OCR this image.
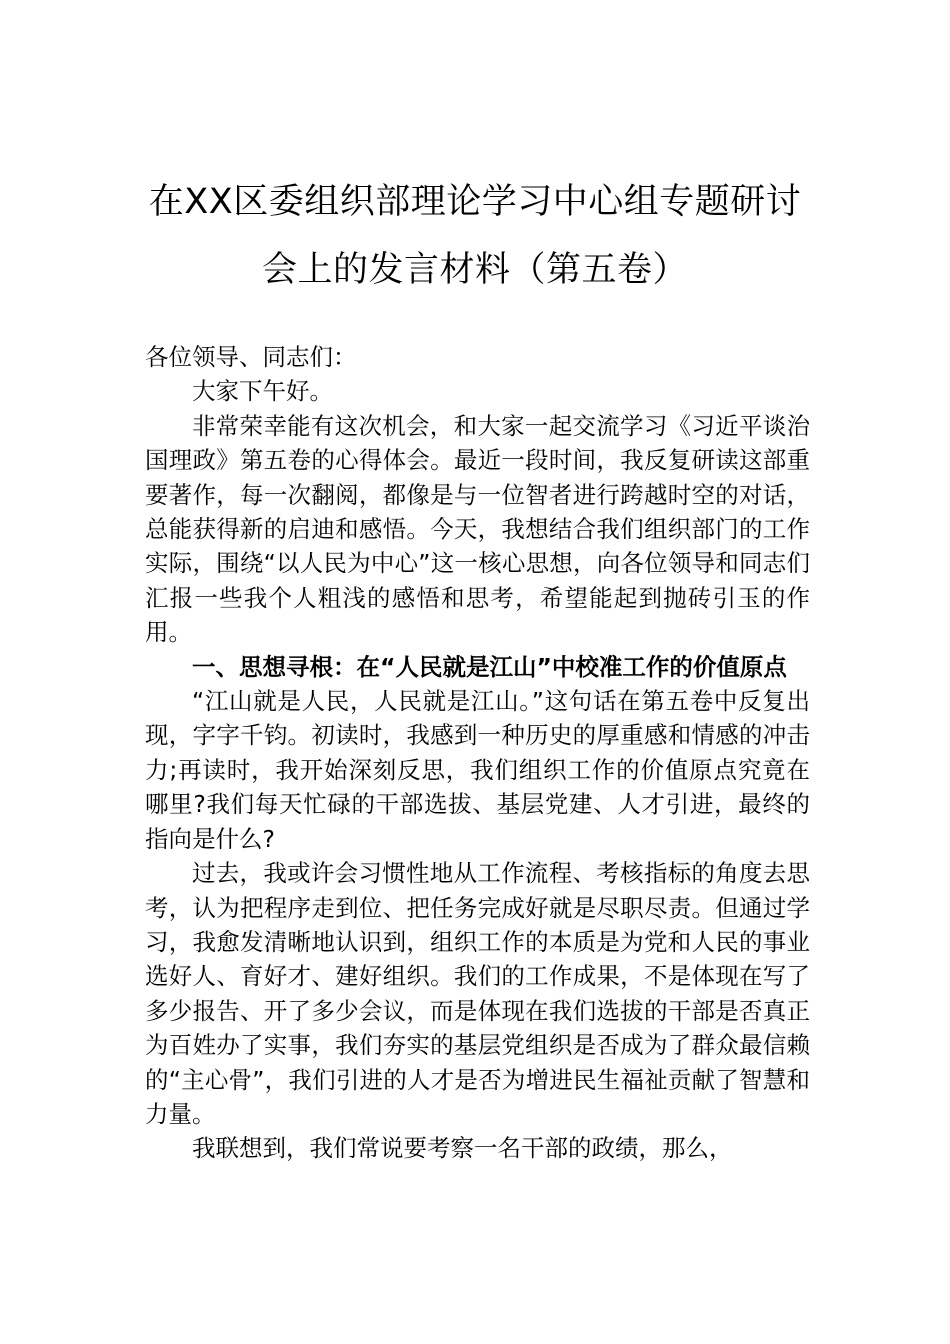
在XX区委组织部理论学习中心组专题研讨
会上的发言材料（第五卷）

各位领导、同志们：

大家下午好。

非常荣幸能有这次机会，和大家一起交流学习《习近平谈治国理政》第五卷的心得体会。最近一段时间，我反复研读这部重要著作，每一次翻阅，都像是与一位智者进行跨越时空的对话，总能获得新的启迪和感悟。今天，我想结合我们组织部门的工作实际，围绕“以人民为中心”这一核心思想，向各位领导和同志们汇报一些我个人粗浅的感悟和思考，希望能起到抛砖引玉的作用。

一、思想寻根：在“人民就是江山”中校准工作的价值原点

“江山就是人民，人民就是江山。”这句话在第五卷中反复出现，字字千钧。初读时，我感到一种历史的厚重感和情感的冲击力;再读时，我开始深刻反思，我们组织工作的价值原点究竟在哪里?我们每天忙碌的干部选拔、基层党建、人才引进，最终的指向是什么?

过去，我或许会习惯性地从工作流程、考核指标的角度去思考，认为把程序走到位、把任务完成好就是尽职尽责。但通过学习，我愈发清晰地认识到，组织工作的本质是为党和人民的事业选好人、育好才、建好组织。我们的工作成果，不是体现在写了多少报告、开了多少会议，而是体现在我们选拔的干部是否真正为百姓办了实事，我们夯实的基层党组织是否成为了群众最信赖的“主心骨”，我们引进的人才是否为增进民生福祉贡献了智慧和力量。

我联想到，我们常说要考察一名干部的政绩，那么，
